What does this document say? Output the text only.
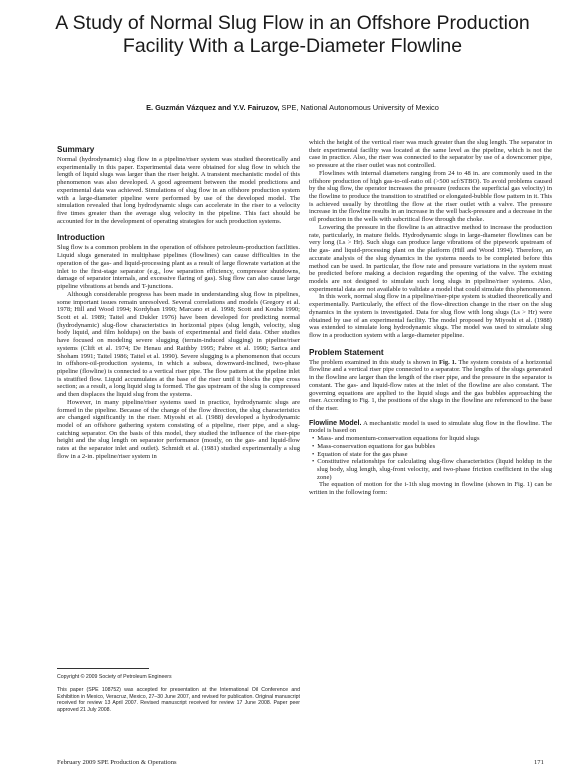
A Study of Normal Slug Flow in an Offshore Production Facility With a Large-Diameter Flowline
E. Guzmán Vázquez and Y.V. Fairuzov, SPE, National Autonomous University of Mexico
Summary

Normal (hydrodynamic) slug flow in a pipeline/riser system was studied theoretically and experimentally in this paper. Experimental data were obtained for slug flow in which the length of liquid slugs was larger than the riser height. A transient mechanistic model of this phenomenon was also developed. A good agreement between the model predictions and experimental data was achieved. Simulations of slug flow in an offshore production system with a large-diameter pipeline were performed by use of the developed model. The simulation revealed that long hydrodynamic slugs can accelerate in the riser to a velocity five times greater than the average slug velocity in the pipeline. This fact should be accounted for in the development of operating strategies for such production systems.

Introduction

Slug flow is a common problem in the operation of offshore petroleum-production facilities. Liquid slugs generated in multiphase pipelines (flowlines) can cause difficulties in the operation of the gas- and liquid-processing plant as a result of large flowrate variation at the inlet to the first-stage separator (e.g., low separation efficiency, compressor shutdowns, damage of separator internals, and excessive flaring of gas). Slug flow can also cause large pipeline vibrations at bends and T-junctions.

Although considerable progress has been made in understanding slug flow in pipelines, some important issues remain unresolved. Several correlations and models (Gregory et al. 1978; Hill and Wood 1994; Kordyban 1990; Marcano et al. 1998; Scott and Kouba 1990; Scott et al. 1989; Taitel and Dukler 1976) have been developed for predicting normal (hydrodynamic) slug-flow characteristics in horizontal pipes (slug length, velocity, slug body liquid, and film holdups) on the basis of experimental and field data. Other studies have focused on modeling severe slugging (terrain-induced slugging) in pipeline/riser systems (Clift et al. 1974; De Henau and Raithby 1995; Fabre et al. 1990; Sarica and Shoham 1991; Taitel 1986; Taitel et al. 1990). Severe slugging is a phenomenon that occurs in offshore-oil-production systems, in which a subsea, downward-inclined, two-phase pipeline (flowline) is connected to a vertical riser pipe. The flow pattern at the pipeline inlet is stratified flow. Liquid accumulates at the base of the riser until it blocks the pipe cross section; as a result, a long liquid slug is formed. The gas upstream of the slug is compressed and then displaces the liquid slug from the systems.

However, in many pipeline/riser systems used in practice, hydrodynamic slugs are formed in the pipeline. Because of the change of the flow direction, the slug characteristics are changed significantly in the riser. Miyoshi et al. (1988) developed a hydrodynamic model of an offshore gathering system consisting of a pipeline, riser pipe, and a slug-catching separator. On the basis of this model, they studied the influence of the riser-pipe height and the slug length on separator performance (mostly, on the gas- and liquid-flow rates at the separator inlet and outlet). Schmidt et al. (1981) studied experimentally a slug flow in a 2-in. pipeline/riser system in

which the height of the vertical riser was much greater than the slug length. The separator in their experimental facility was located at the same level as the pipeline, which is not the case in practice. Also, the riser was connected to the separator by use of a downcomer pipe, so pressure at the riser outlet was not controlled.

Flowlines with internal diameters ranging from 24 to 48 in. are commonly used in the offshore production of high gas-to-oil-ratio oil (>500 scf/STBO). To avoid problems caused by the slug flow, the operator increases the pressure (reduces the superficial gas velocity) in the flowline to produce the transition to stratified or elongated-bubble flow pattern in it. This is achieved usually by throttling the flow at the riser outlet with a valve. The pressure increase in the flowline results in an increase in the well back-pressure and a decrease in the oil production in the wells with subcritical flow through the choke.

Lowering the pressure in the flowline is an attractive method to increase the production rate, particularly, in mature fields. Hydrodynamic slugs in large-diameter flowlines can be very long (Ls > Hr). Such slugs can produce large vibrations of the pipework upstream of the gas- and liquid-processing plant on the platform (Hill and Wood 1994). Therefore, an accurate analysis of the slug dynamics in the systems needs to be completed before this method can be used. In particular, the flow rate and pressure variations in the system must be predicted before making a decision regarding the opening of the valve. The existing models are not designed to simulate such long slugs in pipeline/riser systems. Also, experimental data are not available to validate a model that could simulate this phenomenon.

In this work, normal slug flow in a pipeline/riser-pipe system is studied theoretically and experimentally. Particularly, the effect of the flow-direction change in the riser on the slug dynamics in the system is investigated. Data for slug flow with long slugs (Ls > Hr) were obtained by use of an experimental facility. The model proposed by Miyoshi et al. (1988) was extended to simulate long hydrodynamic slugs. The model was used to simulate slug flow in a production system with a large-diameter pipeline.

Problem Statement

The problem examined in this study is shown in Fig. 1. The system consists of a horizontal flowline and a vertical riser pipe connected to a separator. The lengths of the slugs generated in the flowline are larger than the length of the riser pipe, and the pressure in the separator is constant. The gas- and liquid-flow rates at the inlet of the flowline are also constant. The governing equations are applied to the liquid slugs and the gas bubbles approaching the riser. According to Fig. 1, the positions of the slugs in the flowline are referenced to the base of the riser.

Flowline Model. A mechanistic model is used to simulate slug flow in the flowline. The model is based on

• Mass- and momentum-conservation equations for liquid slugs
• Mass-conservation equations for gas bubbles
• Equation of state for the gas phase
• Constitutive relationships for calculating slug-flow characteristics (liquid holdup in the slug body, slug length, slug-front velocity, and two-phase friction coefficient in the slug zone)

The equation of motion for the i-1th slug moving in flowline (shown in Fig. 1) can be written in the following form:

Copyright © 2009 Society of Petroleum Engineers
This paper (SPE 108752) was accepted for presentation at the International Oil Conference and Exhibition in Mexico, Veracruz, Mexico, 27–30 June 2007, and revised for publication. Original manuscript received for review 13 April 2007. Revised manuscript received for review 17 June 2008. Paper peer approved 21 July 2008.
February 2009 SPE Production & Operations	171
